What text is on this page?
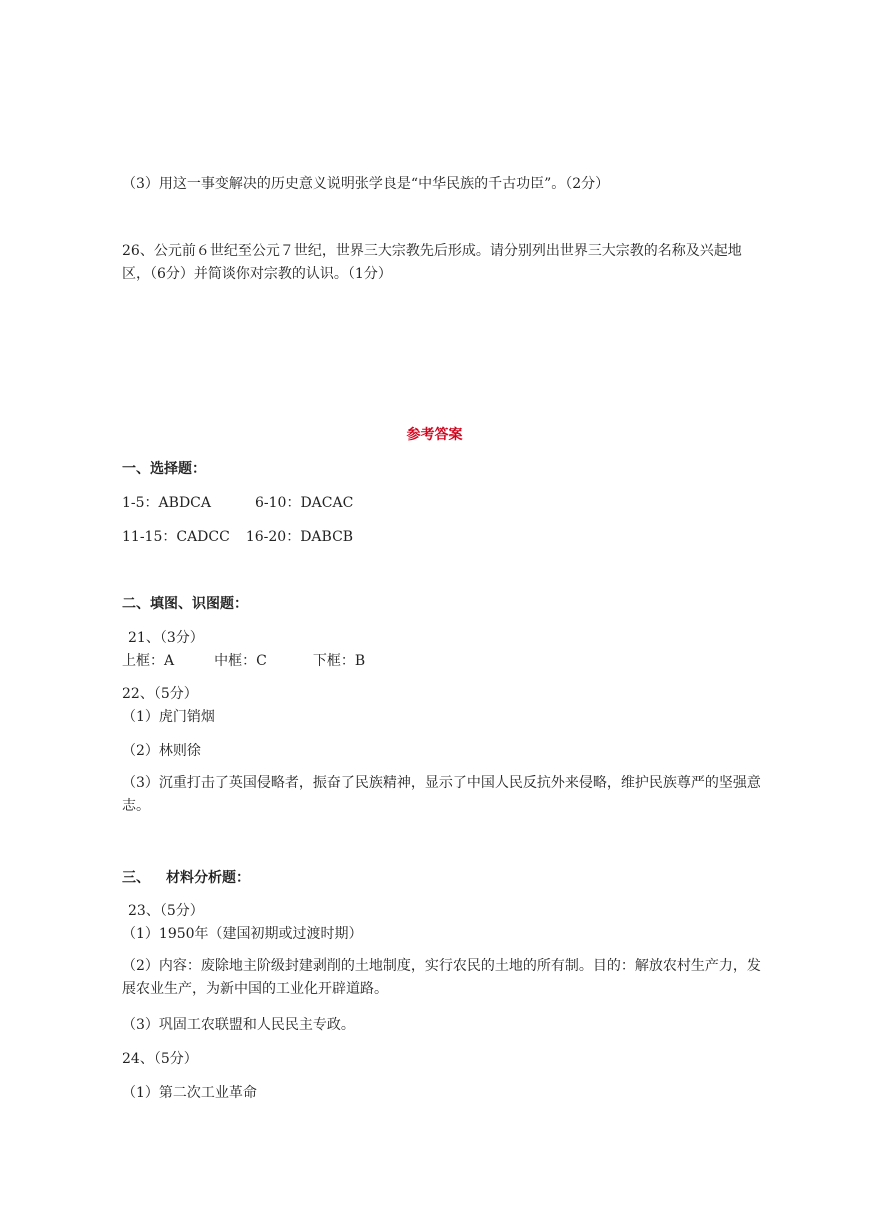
（3）用这一事变解决的历史意义说明张学良是“中华民族的千古功臣”。（2分）
26、公元前６世纪至公元７世纪，世界三大宗教先后形成。请分别列出世界三大宗教的名称及兴起地区，（6分）并简谈你对宗教的认识。（1分）
参考答案
一、选择题：
1-5：ABDCA	6-10：DACAC
11-15：CADCC 16-20：DABCB
二、填图、识图题：
21、（3分）
上框：A	中框：C	下框：B
22、（5分）
（1）虎门销烟
（2）林则徐
（3）沉重打击了英国侵略者，振奋了民族精神，显示了中国人民反抗外来侵略，维护民族尊严的坚强意志。
三、 材料分析题：
23、（5分）
（1）1950年（建国初期或过渡时期）
（2）内容：废除地主阶级封建剥削的土地制度，实行农民的土地的所有制。目的：解放农村生产力，发展农业生产，为新中国的工业化开辟道路。
（3）巩固工农联盟和人民民主专政。
24、（5分）
（1）第二次工业革命
